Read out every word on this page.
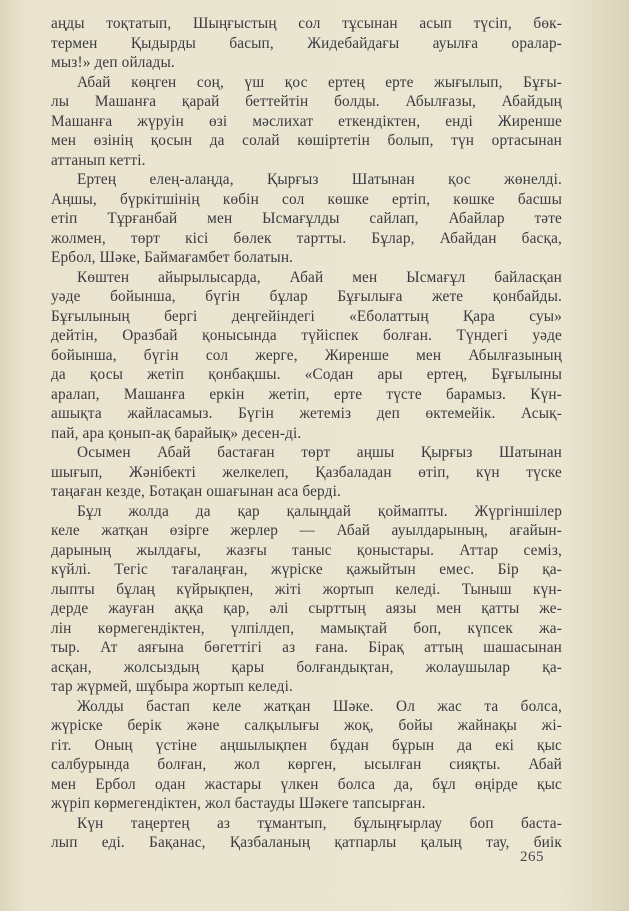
аңды тоқтатып, Шыңғыстың сол тұсынан асып түсіп, бөк-
термен Қыдырды басып, Жидебайдағы ауылға оралар-
мыз!» деп ойлады.
Абай көңген соң, үш қос ертең ерте жығылып, Бұғы-
лы Машанға қарай беттейтін болды. Абылғазы, Абайдың
Машанға жүруін өзі мәслихат еткендіктен, енді Жиренше
мен өзінің қосын да солай көшіртетін болып, түн ортасынан
аттанып кетті.
Ертең елең-алаңда, Қырғыз Шатынан қос жөнелді.
Аңшы, бүркітшінің көбін сол көшке ертіп, көшке басшы
етіп Тұрғанбай мен Ысмағұлды сайлап, Абайлар тәте
жолмен, төрт кісі бөлек тартты. Бұлар, Абайдан басқа,
Ербол, Шәке, Баймағамбет болатын.
Көштен айырылысарда, Абай мен Ысмағұл байласқан
уәде бойынша, бүгін бұлар Бұғылыға жете қонбайды.
Бұғылының бергі деңгейіндегі «Еболаттың Қара суы»
дейтін, Оразбай қонысында түйіспек болған. Түндегі уәде
бойынша, бүгін сол жерге, Жиренше мен Абылғазының
да қосы жетіп қонбақшы. «Содан ары ертең, Бұғылыны
аралап, Машанға еркін жетіп, ерте түсте барамыз. Күн-
ашықта жайласамыз. Бүгін жетеміз деп өктемейік. Асық-
пай, ара қонып-ақ барайық» десен-ді.
Осымен Абай бастаған төрт аңшы Қырғыз Шатынан
шығып, Жәнібекті желкелеп, Қазбаладан өтіп, күн түске
таңаған кезде, Ботақан ошағынан аса берді.
Бұл жолда да қар қалыңдай қоймапты. Жүргіншілер
келе жатқан өзірге жерлер — Абай ауылдарының, ағайын-
дарының жылдағы, жазғы таныс қоныстары. Аттар семіз,
күйлі. Тегіс тағалаңған, жүріске қажыйтын емес. Бір қа-
лыпты бұлаң күйрықпен, жіті жортып келеді. Тыныш күн-
дерде жауған аққа қар, әлі сырттың аязы мен қатты же-
лін көрмегендіктен, үлпілдеп, мамықтай боп, күпсек жа-
тыр. Ат аяғына бөгеттігі аз ғана. Бірақ аттың шашасынан
асқан, жолсыздың қары болғандықтан, жолаушылар қа-
тар жүрмей, шұбыра жортып келеді.
Жолды бастап келе жатқан Шәке. Ол жас та болса,
жүріске берік және салқылығы жоқ, бойы жайнақы жі-
гіт. Оның үстіне аңшылықпен бұдан бұрын да екі қыс
салбурында болған, жол көрген, ысылған сияқты. Абай
мен Ербол одан жастары үлкен болса да, бұл өңірде қыс
жүріп көрмегендіктен, жол бастауды Шәкеге тапсырған.
Күн таңертең аз тұмантып, бұлыңғырлау боп баста-
лып еді. Бақанас, Қазбаланың қатпарлы қалың тау, биік
265
